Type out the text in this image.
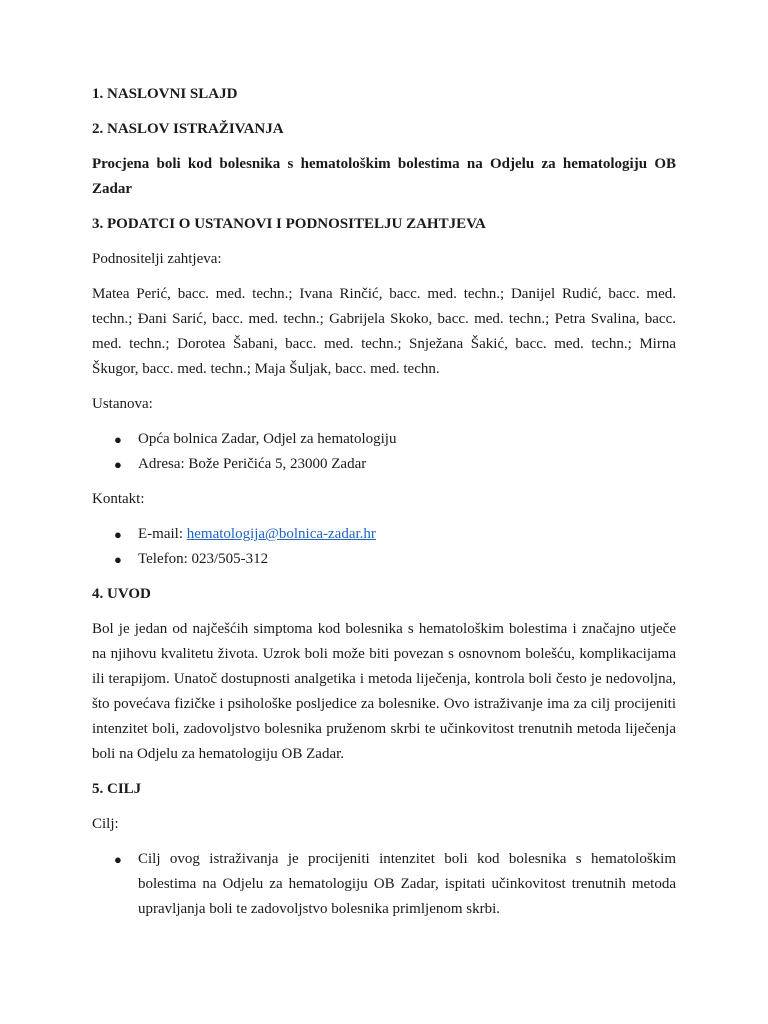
1. NASLOVNI SLAJD

2. NASLOV ISTRAŽIVANJA

Procjena boli kod bolesnika s hematološkim bolestima na Odjelu za hematologiju OB Zadar

3. PODATCI O USTANOVI I PODNOSITELJU ZAHTJEVA

Podnositelji zahtjeva:

Matea Perić, bacc. med. techn.; Ivana Rinčić, bacc. med. techn.; Danijel Rudić, bacc. med. techn.; Đani Sarić, bacc. med. techn.; Gabrijela Skoko, bacc. med. techn.; Petra Svalina, bacc. med. techn.; Dorotea Šabani, bacc. med. techn.; Snježana Šakić, bacc. med. techn.; Mirna Škugor, bacc. med. techn.; Maja Šuljak, bacc. med. techn.

Ustanova:

● Opća bolnica Zadar, Odjel za hematologiju
● Adresa: Bože Peričića 5, 23000 Zadar

Kontakt:

● E-mail: hematologija@bolnica-zadar.hr
● Telefon: 023/505-312

4. UVOD

Bol je jedan od najčešćih simptoma kod bolesnika s hematološkim bolestima i značajno utječe na njihovu kvalitetu života. Uzrok boli može biti povezan s osnovnom bolešću, komplikacijama ili terapijom. Unatoč dostupnosti analgetika i metoda liječenja, kontrola boli često je nedovoljna, što povećava fizičke i psihološke posljedice za bolesnike. Ovo istraživanje ima za cilj procijeniti intenzitet boli, zadovoljstvo bolesnika pruženom skrbi te učinkovitost trenutnih metoda liječenja boli na Odjelu za hematologiju OB Zadar.

5. CILJ

Cilj:

● Cilj ovog istraživanja je procijeniti intenzitet boli kod bolesnika s hematološkim bolestima na Odjelu za hematologiju OB Zadar, ispitati učinkovitost trenutnih metoda upravljanja boli te zadovoljstvo bolesnika primljenom skrbi.
